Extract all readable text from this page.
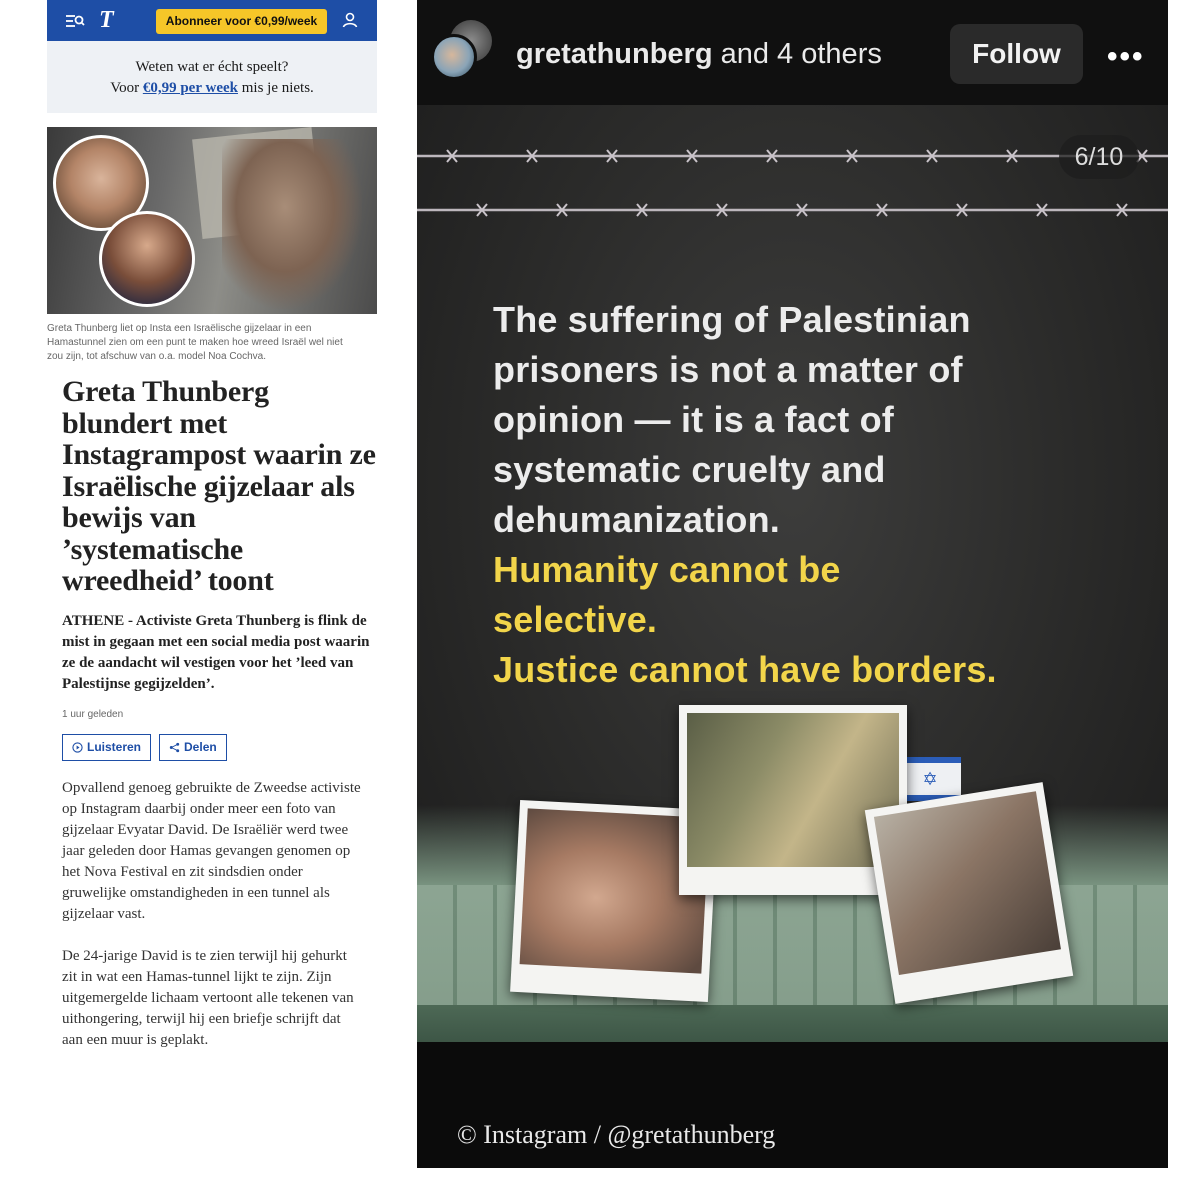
T	Abonneer voor €0,99/week
Weten wat er écht speelt?
Voor €0,99 per week mis je niets.

Greta Thunberg liet op Insta een Israëlische gijzelaar in een Hamastunnel zien om een punt te maken hoe wreed Israël wel niet zou zijn, tot afschuw van o.a. model Noa Cochva.

Greta Thunberg blundert met Instagrampost waarin ze Israëlische gijzelaar als bewijs van ’systematische wreedheid’ toont

ATHENE - Activiste Greta Thunberg is flink de mist in gegaan met een social media post waarin ze de aandacht wil vestigen voor het ’leed van Palestijnse gegijzelden’.

1 uur geleden
Luisteren	Delen

Opvallend genoeg gebruikte de Zweedse activiste op Instagram daarbij onder meer een foto van gijzelaar Evyatar David. De Israëliër werd twee jaar geleden door Hamas gevangen genomen op het Nova Festival en zit sindsdien onder gruwelijke omstandigheden in een tunnel als gijzelaar vast.

De 24-jarige David is te zien terwijl hij gehurkt zit in wat een Hamas-tunnel lijkt te zijn. Zijn uitgemergelde lichaam vertoont alle tekenen van uithongering, terwijl hij een briefje schrijft dat aan een muur is geplakt.

gretathunberg and 4 others	Follow	•••
6/10
The suffering of Palestinian
prisoners is not a matter of
opinion — it is a fact of
systematic cruelty and
dehumanization.
Humanity cannot be
selective.
Justice cannot have borders.
✡
© Instagram / @gretathunberg
